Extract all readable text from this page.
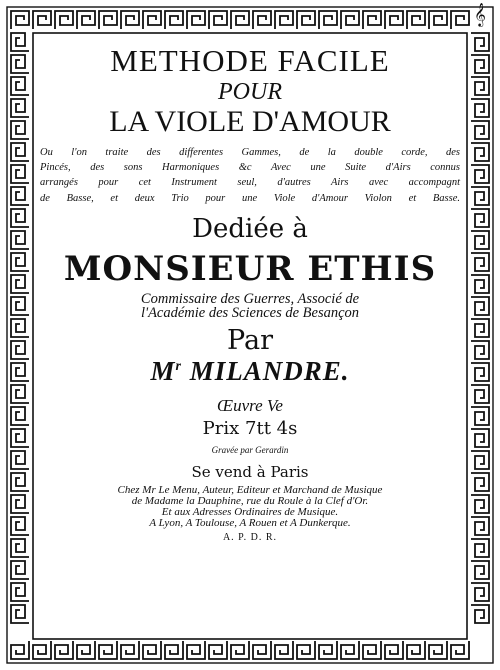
𝄞
METHODE FACILE
POUR
LA VIOLE D'AMOUR
Ou l'on traite des differentes Gammes, de la double corde, des
Pincés, des sons Harmoniques &c Avec une Suite d'Airs connus
arrangés pour cet Instrument seul, d'autres Airs avec accompagnt
de Basse, et deux Trio pour une Viole d'Amour Violon et Basse.
Dediée à
MONSIEUR ETHIS
Commissaire des Guerres, Associé de
l'Académie des Sciences de Besançon
Par
$M^r$ MILANDRE.
Œuvre Ve
Prix 7tt 4s
Gravée par Gerardin
Se vend à Paris
Chez Mr Le Menu, Auteur, Editeur et Marchand de Musique
de Madame la Dauphine, rue du Roule à la Clef d'Or.
Et aux Adresses Ordinaires de Musique.
A Lyon, A Toulouse, A Rouen et A Dunkerque.
A. P. D. R.
